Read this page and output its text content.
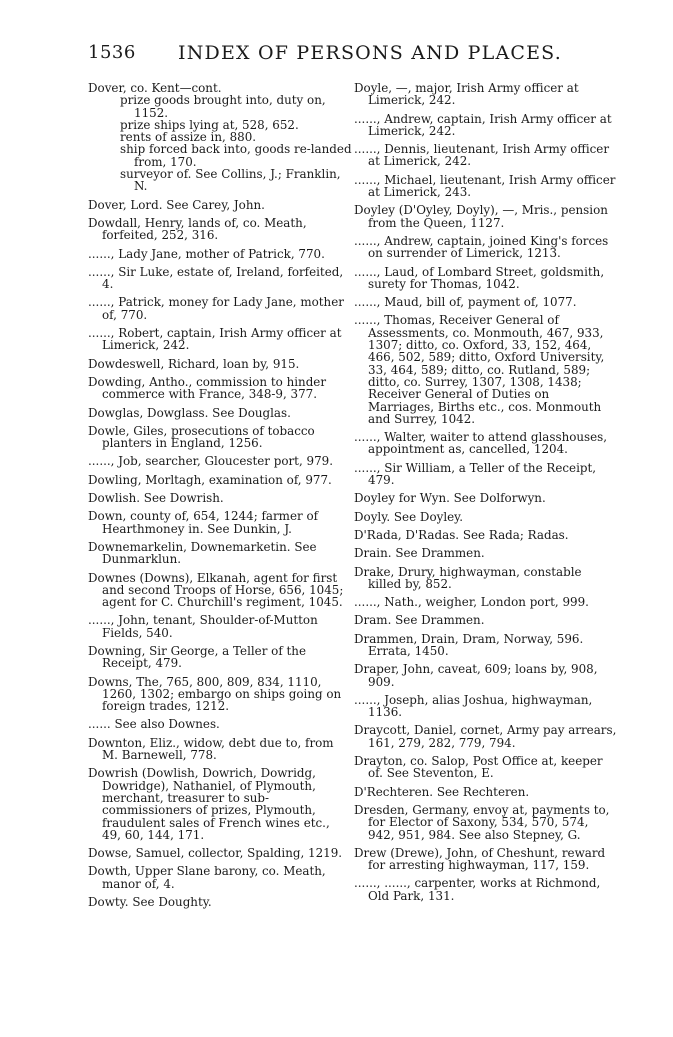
1536 INDEX OF PERSONS AND PLACES.
Dover, co. Kent—cont.
prize goods brought into, duty on, 1152.
prize ships lying at, 528, 652.
rents of assize in, 880.
ship forced back into, goods re-landed from, 170.
surveyor of. See Collins, J.; Franklin, N.
Dover, Lord. See Carey, John.
Dowdall, Henry, lands of, co. Meath, forfeited, 252, 316.
......, Lady Jane, mother of Patrick, 770.
......, Sir Luke, estate of, Ireland, forfeited, 4.
......, Patrick, money for Lady Jane, mother of, 770.
......, Robert, captain, Irish Army officer at Limerick, 242.
Dowdeswell, Richard, loan by, 915.
Dowding, Antho., commission to hinder commerce with France, 348-9, 377.
Dowglas, Dowglass. See Douglas.
Dowle, Giles, prosecutions of tobacco planters in England, 1256.
......, Job, searcher, Gloucester port, 979.
Dowling, Morltagh, examination of, 977.
Dowlish. See Dowrish.
Down, county of, 654, 1244; farmer of Hearthmoney in. See Dunkin, J.
Downemarkelin, Downemarketin. See Dunmarklun.
Downes (Downs), Elkanah, agent for first and second Troops of Horse, 656, 1045; agent for C. Churchill's regiment, 1045.
......, John, tenant, Shoulder-of-Mutton Fields, 540.
Downing, Sir George, a Teller of the Receipt, 479.
Downs, The, 765, 800, 809, 834, 1110, 1260, 1302; embargo on ships going on foreign trades, 1212.
...... See also Downes.
Downton, Eliz., widow, debt due to, from M. Barnewell, 778.
Dowrish (Dowlish, Dowrich, Dowridg, Dowridge), Nathaniel, of Plymouth, merchant, treasurer to sub-commissioners of prizes, Plymouth, fraudulent sales of French wines etc., 49, 60, 144, 171.
Dowse, Samuel, collector, Spalding, 1219.
Dowth, Upper Slane barony, co. Meath, manor of, 4.
Dowty. See Doughty.
Doyle, —, major, Irish Army officer at Limerick, 242.
......, Andrew, captain, Irish Army officer at Limerick, 242.
......, Dennis, lieutenant, Irish Army officer at Limerick, 242.
......, Michael, lieutenant, Irish Army officer at Limerick, 243.
Doyley (D'Oyley, Doyly), —, Mris., pension from the Queen, 1127.
......, Andrew, captain, joined King's forces on surrender of Limerick, 1213.
......, Laud, of Lombard Street, goldsmith, surety for Thomas, 1042.
......, Maud, bill of, payment of, 1077.
......, Thomas, Receiver General of Assessments, co. Monmouth, 467, 933, 1307; ditto, co. Oxford, 33, 152, 464, 466, 502, 589; ditto, Oxford University, 33, 464, 589; ditto, co. Rutland, 589; ditto, co. Surrey, 1307, 1308, 1438; Receiver General of Duties on Marriages, Births etc., cos. Monmouth and Surrey, 1042.
......, Walter, waiter to attend glasshouses, appointment as, cancelled, 1204.
......, Sir William, a Teller of the Receipt, 479.
Doyley for Wyn. See Dolforwyn.
Doyly. See Doyley.
D'Rada, D'Radas. See Rada; Radas.
Drain. See Drammen.
Drake, Drury, highwayman, constable killed by, 852.
......, Nath., weigher, London port, 999.
Dram. See Drammen.
Drammen, Drain, Dram, Norway, 596. Errata, 1450.
Draper, John, caveat, 609; loans by, 908, 909.
......, Joseph, alias Joshua, highwayman, 1136.
Draycott, Daniel, cornet, Army pay arrears, 161, 279, 282, 779, 794.
Drayton, co. Salop, Post Office at, keeper of. See Steventon, E.
D'Rechteren. See Rechteren.
Dresden, Germany, envoy at, payments to, for Elector of Saxony, 534, 570, 574, 942, 951, 984. See also Stepney, G.
Drew (Drewe), John, of Cheshunt, reward for arresting highwayman, 117, 159.
......, ......, carpenter, works at Richmond, Old Park, 131.
